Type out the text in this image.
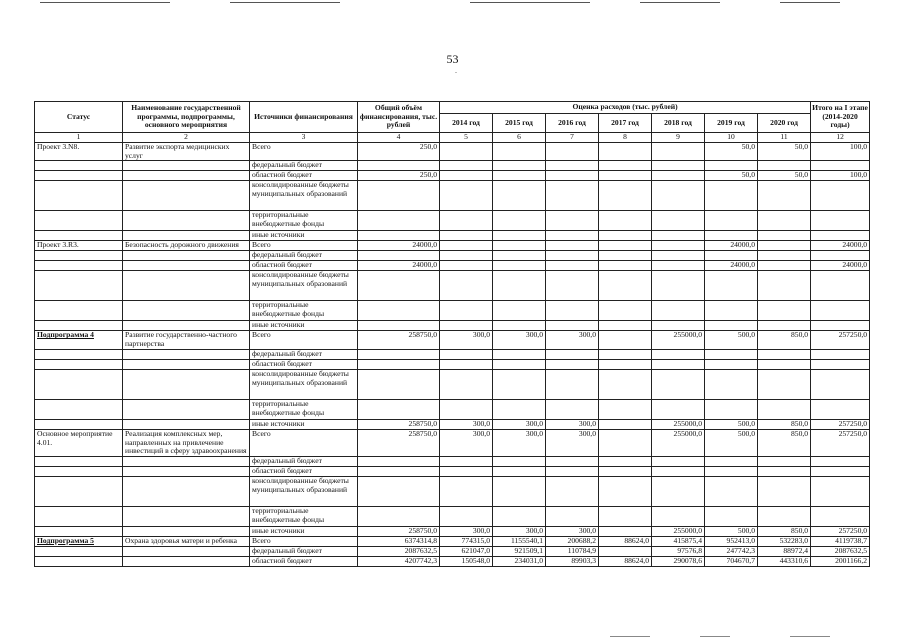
53
.
Статус	Наименование государственной программы, подпрограммы, основного мероприятия	Источники финансирования	Общий объём финансирования, тыс. рублей	Оценка расходов (тыс. рублей)							Итого на I этапе (2014-2020 годы)
				2014 год	2015 год	2016 год	2017 год	2018 год	2019 год	2020 год	
1	2	3	4	5	6	7	8	9	10	11	12
Проект 3.N8.	Развитие экспорта медицинских услуг	Всего	250,0						50,0	50,0	100,0
		федеральный бюджет									
		областной бюджет	250,0						50,0	50,0	100,0
		консолидированные бюджеты муниципальных образований									
		территориальные внебюджетные фонды									
		иные источники									
Проект 3.R3.	Безопасность дорожного движения	Всего	24000,0						24000,0		24000,0
		федеральный бюджет									
		областной бюджет	24000,0						24000,0		24000,0
		консолидированные бюджеты муниципальных образований									
		территориальные внебюджетные фонды									
		иные источники									
Подпрограмма 4	Развитие государственно-частного партнерства	Всего	258750,0	300,0	300,0	300,0		255000,0	500,0	850,0	257250,0
		федеральный бюджет									
		областной бюджет									
		консолидированные бюджеты муниципальных образований									
		территориальные внебюджетные фонды									
		иные источники	258750,0	300,0	300,0	300,0		255000,0	500,0	850,0	257250,0
Основное мероприятие 4.01.	Реализация комплексных мер, направленных на привлечение инвестиций в сферу здравоохранения	Всего	258750,0	300,0	300,0	300,0		255000,0	500,0	850,0	257250,0
		федеральный бюджет									
		областной бюджет									
		консолидированные бюджеты муниципальных образований									
		территориальные внебюджетные фонды									
		иные источники	258750,0	300,0	300,0	300,0		255000,0	500,0	850,0	257250,0
Подпрограмма 5	Охрана здоровья матери и ребенка	Всего	6374314,8	774315,0	1155540,1	200688,2	88624,0	415875,4	952413,0	532283,0	4119738,7
		федеральный бюджет	2087632,5	621047,0	921509,1	110784,9		97576,8	247742,3	88972,4	2087632,5
		областной бюджет	4207742,3	150548,0	234031,0	89903,3	88624,0	290078,6	704670,7	443310,6	2001166,2
